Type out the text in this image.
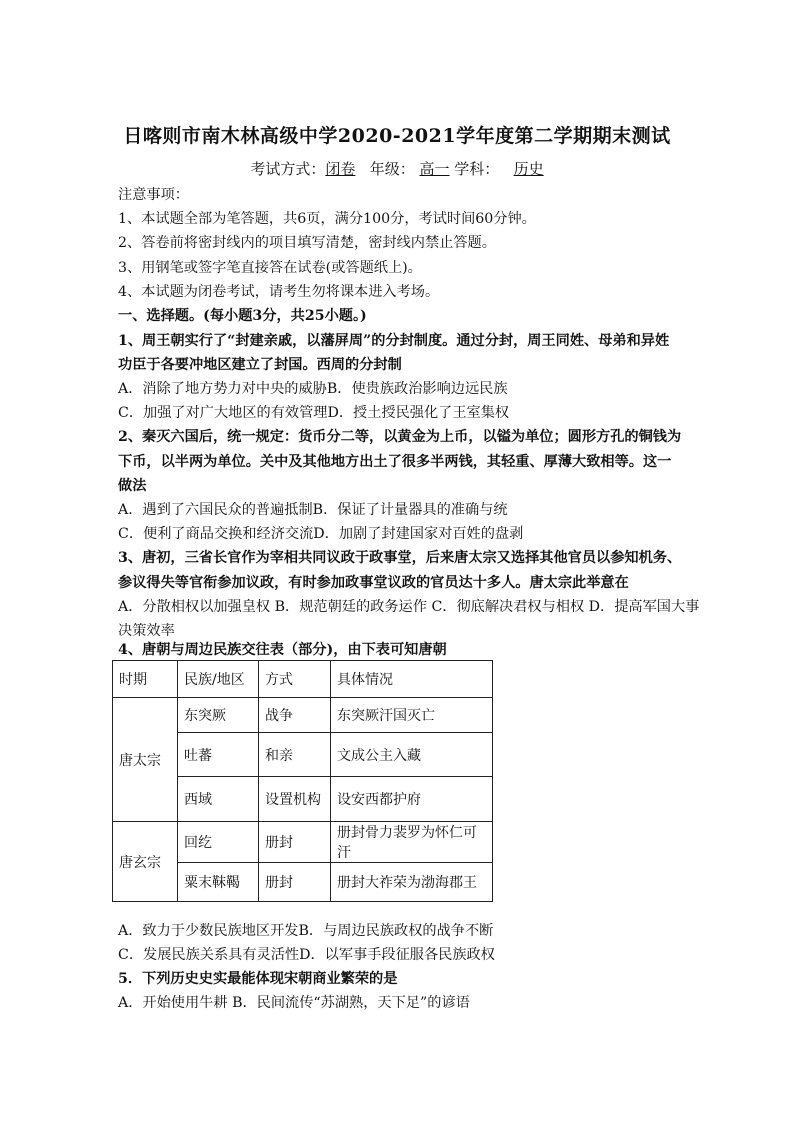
日喀则市南木林高级中学2020-2021学年度第二学期期末测试
考试方式：闭卷 年级： 高一 学科： 历史
注意事项：
1、本试题全部为笔答题，共6页，满分100分，考试时间60分钟。
2、答卷前将密封线内的项目填写清楚，密封线内禁止答题。
3、用钢笔或签字笔直接答在试卷(或答题纸上)。
4、本试题为闭卷考试，请考生勿将课本进入考场。
一、选择题。(每小题3分，共25小题。)
1、周王朝实行了“封建亲戚，以藩屏周”的分封制度。通过分封，周王同姓、母弟和异姓
功臣于各要冲地区建立了封国。西周的分封制
A．消除了地方势力对中央的威胁B．使贵族政治影响边远民族
C．加强了对广大地区的有效管理D．授土授民强化了王室集权
2、秦灭六国后，统一规定：货币分二等，以黄金为上币，以镒为单位；圆形方孔的铜钱为
下币，以半两为单位。关中及其他地方出土了很多半两钱，其轻重、厚薄大致相等。这一
做法
A．遇到了六国民众的普遍抵制B．保证了计量器具的准确与统
C．便利了商品交换和经济交流D．加剧了封建国家对百姓的盘剥
3、唐初，三省长官作为宰相共同议政于政事堂，后来唐太宗又选择其他官员以参知机务、
参议得失等官衔参加议政，有时参加政事堂议政的官员达十多人。唐太宗此举意在
A．分散相权以加强皇权 B．规范朝廷的政务运作 C．彻底解决君权与相权 D．提高军国大事
决策效率
4、唐朝与周边民族交往表（部分)，由下表可知唐朝
时期	民族/地区	方式	具体情况
唐太宗	东突厥	战争	东突厥汗国灭亡
	吐蕃	和亲	文成公主入藏
	西域	设置机构	设安西都护府
唐玄宗	回纥	册封	册封骨力裴罗为怀仁可汗
	粟末靺鞨	册封	册封大祚荣为渤海郡王
A．致力于少数民族地区开发B．与周边民族政权的战争不断
C．发展民族关系具有灵活性D．以军事手段征服各民族政权
5．下列历史史实最能体现宋朝商业繁荣的是
A．开始使用牛耕 B．民间流传“苏湖熟，天下足”的谚语
